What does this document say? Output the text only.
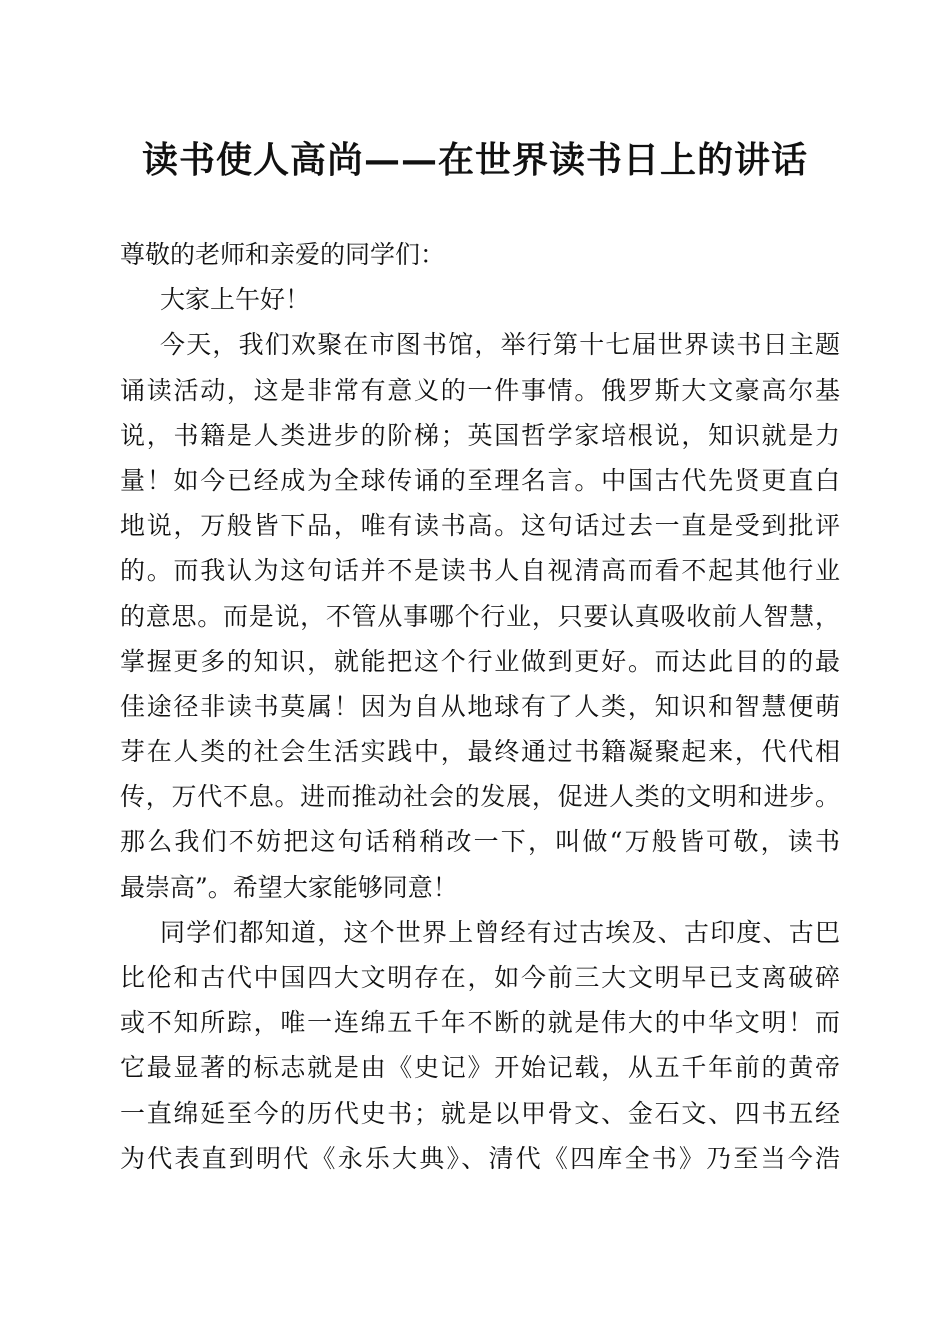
读书使人高尚——在世界读书日上的讲话
尊敬的老师和亲爱的同学们：
大家上午好！
今天，我们欢聚在市图书馆，举行第十七届世界读书日主题
诵读活动，这是非常有意义的一件事情。俄罗斯大文豪高尔基
说，书籍是人类进步的阶梯；英国哲学家培根说，知识就是力
量！如今已经成为全球传诵的至理名言。中国古代先贤更直白
地说，万般皆下品，唯有读书高。这句话过去一直是受到批评
的。而我认为这句话并不是读书人自视清高而看不起其他行业
的意思。而是说，不管从事哪个行业，只要认真吸收前人智慧，
掌握更多的知识，就能把这个行业做到更好。而达此目的的最
佳途径非读书莫属！因为自从地球有了人类，知识和智慧便萌
芽在人类的社会生活实践中，最终通过书籍凝聚起来，代代相
传，万代不息。进而推动社会的发展，促进人类的文明和进步。
那么我们不妨把这句话稍稍改一下，叫做“万般皆可敬，读书
最崇高”。希望大家能够同意！
同学们都知道，这个世界上曾经有过古埃及、古印度、古巴
比伦和古代中国四大文明存在，如今前三大文明早已支离破碎
或不知所踪，唯一连绵五千年不断的就是伟大的中华文明！而
它最显著的标志就是由《史记》开始记载，从五千年前的黄帝
一直绵延至今的历代史书；就是以甲骨文、金石文、四书五经
为代表直到明代《永乐大典》、清代《四库全书》乃至当今浩
